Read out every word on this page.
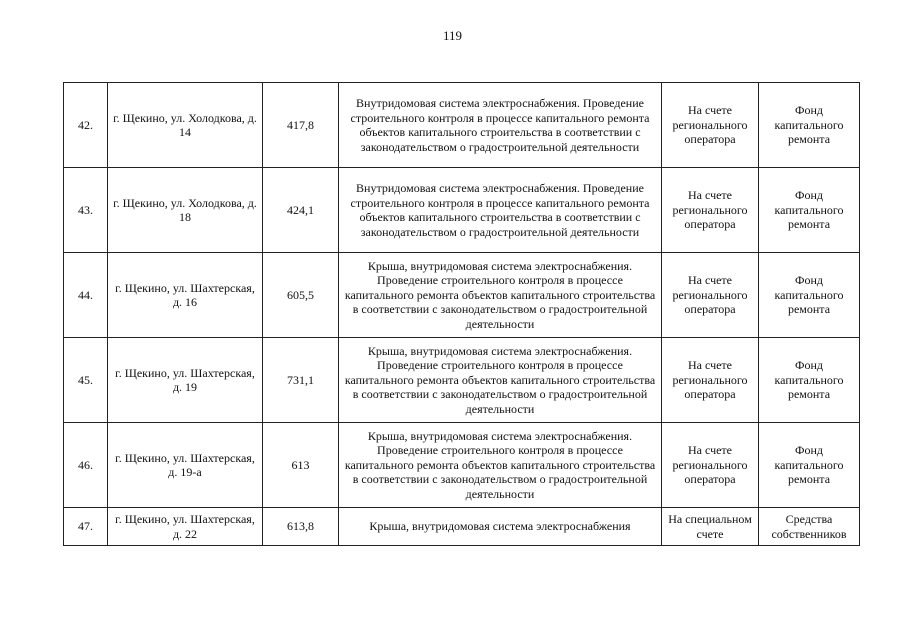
119
42.	г. Щекино, ул. Холодкова, д. 14	417,8	Внутридомовая система электроснабжения. Проведение строительного контроля в процессе капитального ремонта объектов капитального строительства в соответствии с законодательством о градостроительной деятельности	На счете регионального оператора	Фонд капитального ремонта
43.	г. Щекино, ул. Холодкова, д. 18	424,1	Внутридомовая система электроснабжения. Проведение строительного контроля в процессе капитального ремонта объектов капитального строительства в соответствии с законодательством о градостроительной деятельности	На счете регионального оператора	Фонд капитального ремонта
44.	г. Щекино, ул. Шахтерская, д. 16	605,5	Крыша, внутридомовая система электроснабжения. Проведение строительного контроля в процессе капитального ремонта объектов капитального строительства в соответствии с законодательством о градостроительной деятельности	На счете регионального оператора	Фонд капитального ремонта
45.	г. Щекино, ул. Шахтерская, д. 19	731,1	Крыша, внутридомовая система электроснабжения. Проведение строительного контроля в процессе капитального ремонта объектов капитального строительства в соответствии с законодательством о градостроительной деятельности	На счете регионального оператора	Фонд капитального ремонта
46.	г. Щекино, ул. Шахтерская, д. 19-а	613	Крыша, внутридомовая система электроснабжения. Проведение строительного контроля в процессе капитального ремонта объектов капитального строительства в соответствии с законодательством о градостроительной деятельности	На счете регионального оператора	Фонд капитального ремонта
47.	г. Щекино, ул. Шахтерская, д. 22	613,8	Крыша, внутридомовая система электроснабжения	На специальном счете	Средства собственников
